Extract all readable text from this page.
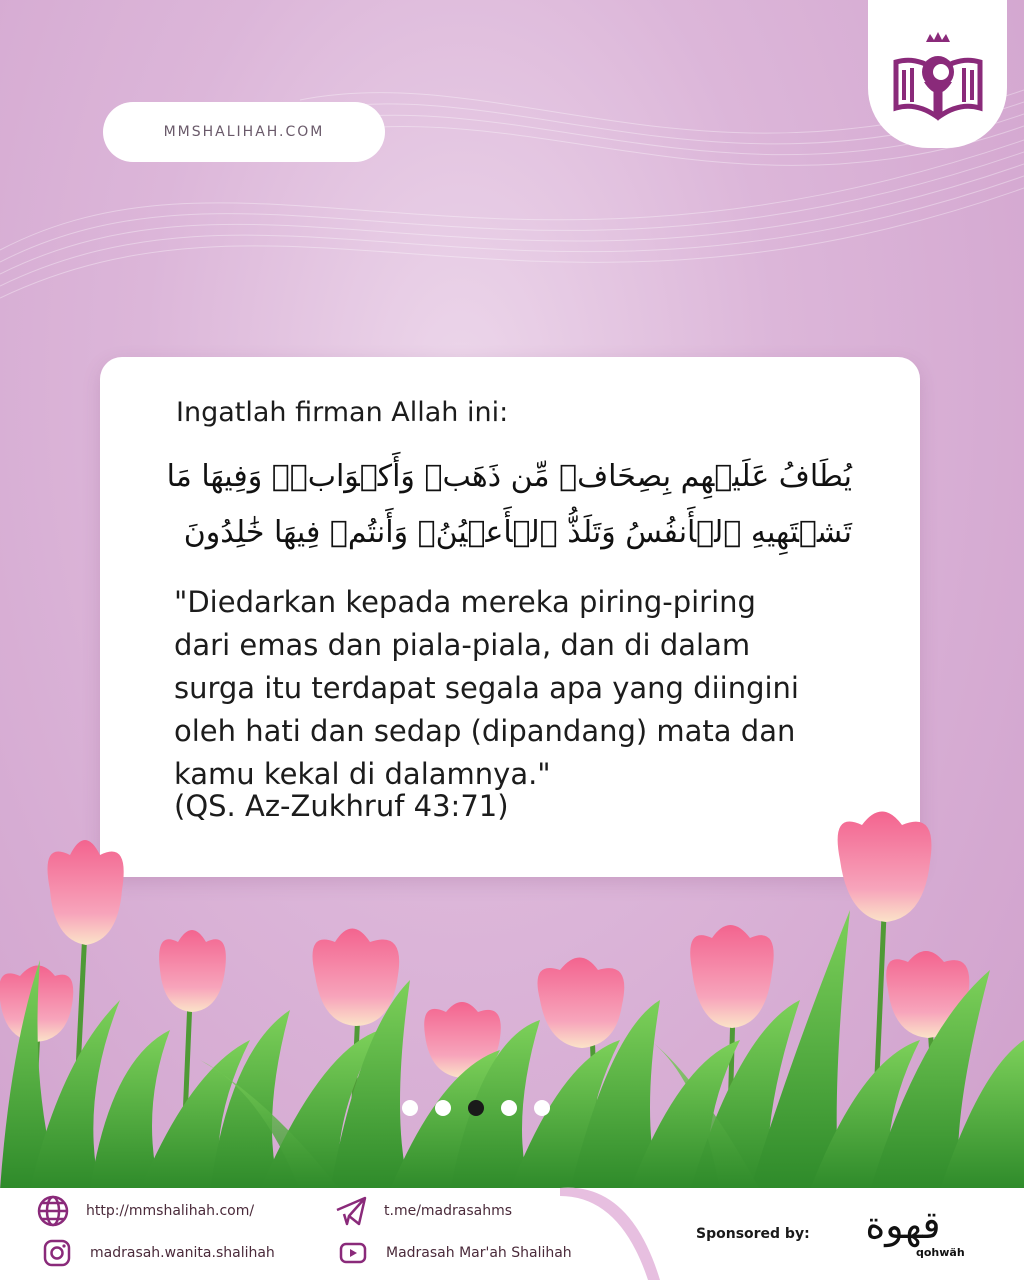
MMSHALIHAH.COM
Ingatlah firman Allah ini:
يُطَافُ عَلَيۡهِم بِصِحَافٖ مِّن ذَهَبٖ وَأَكۡوَابٖۖ وَفِيهَا مَا
تَشۡتَهِيهِ ٱلۡأَنفُسُ وَتَلَذُّ ٱلۡأَعۡيُنُۖ وَأَنتُمۡ فِيهَا خَٰلِدُونَ
"Diedarkan kepada mereka piring-piring
dari emas dan piala-piala, dan di dalam
surga itu terdapat segala apa yang diingini
oleh hati dan sedap (dipandang) mata dan
kamu kekal di dalamnya."
(QS. Az-Zukhruf 43:71)
http://mmshalihah.com/
madrasah.wanita.shalihah
t.me/madrasahms
Madrasah Mar'ah Shalihah
Sponsored by:	قهوة
qohwäh
